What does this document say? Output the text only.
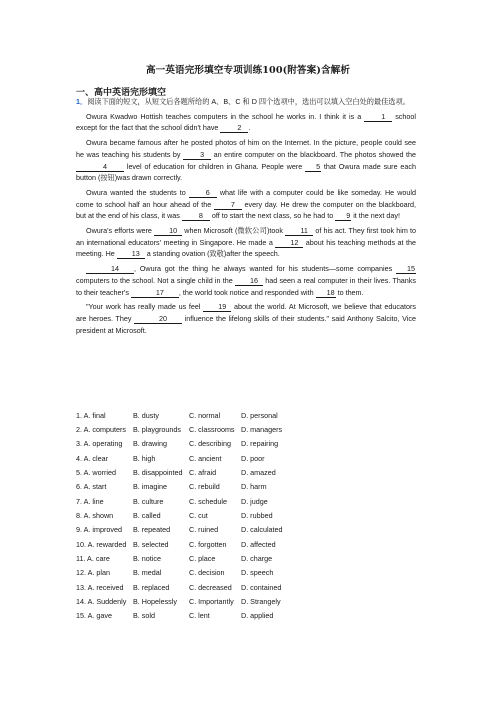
高一英语完形填空专项训练100(附答案)含解析
一、高中英语完形填空

1．阅读下面的短文，从短文后各题所给的 A、B、C 和 D 四个选项中，选出可以填入空白处的最佳选项。

Owura Kwadwo Hottish teaches computers in the school he works in. I think it is a 1 school except for the fact that the school didn't have 2 .

Owura became famous after he posted photos of him on the Internet. In the picture, people could see he was teaching his students by 3 an entire computer on the blackboard. The photos showed the 4 level of education for children in Ghana. People were 5 that Owura made sure each button (按钮)was drawn correctly.

Owura wanted the students to 6 what life with a computer could be like someday. He would come to school half an hour ahead of the 7 every day. He drew the computer on the blackboard, but at the end of his class, it was 8 off to start the next class, so he had to 9 it the next day!

Owura's efforts were 10 when Microsoft (微软公司)took 11 of his act. They first took him to an international educators' meeting in Singapore. He made a 12 about his teaching methods at the meeting. He 13 a standing ovation (致敬)after the speech.

14 , Owura got the thing he always wanted for his students—some companies 15 computers to the school. Not a single child in the 16 had seen a real computer in their lives. Thanks to their teacher's	17 , the world took notice and responded with 18 to them.

"Your work has really made us feel 19 about the world. At Microsoft, we believe that educators are heroes. They	20 influence the lifelong skills of their students." said Anthony Salcito, Vice president at Microsoft.

1. A. final	B. dusty	C. normal	D. personal
2. A. computers B. playgrounds	C. classrooms D. managers
3. A. operating	B. drawing	C. describing	D. repairing
4. A. clear	B. high	C. ancient	D. poor
5. A. worried	B. disappointed C. afraid	D. amazed
6. A. start	B. imagine	C. rebuild	D. harm
7. A. line	B. culture	C. schedule	D. judge
8. A. shown	B. called	C. cut	D. rubbed
9. A. improved	B. repeated	C. ruined	D. calculated
10. A. rewarded B. selected	C. forgotten	D. affected
11. A. care	B. notice	C. place	D. charge
12. A. plan	B. medal	C. decision	D. speech
13. A. received	B. replaced	C. decreased	D. contained
14. A. Suddenly B. Hopelessly	C. Importantly	D. Strangely
15. A. gave	B. sold	C. lent	D. applied
